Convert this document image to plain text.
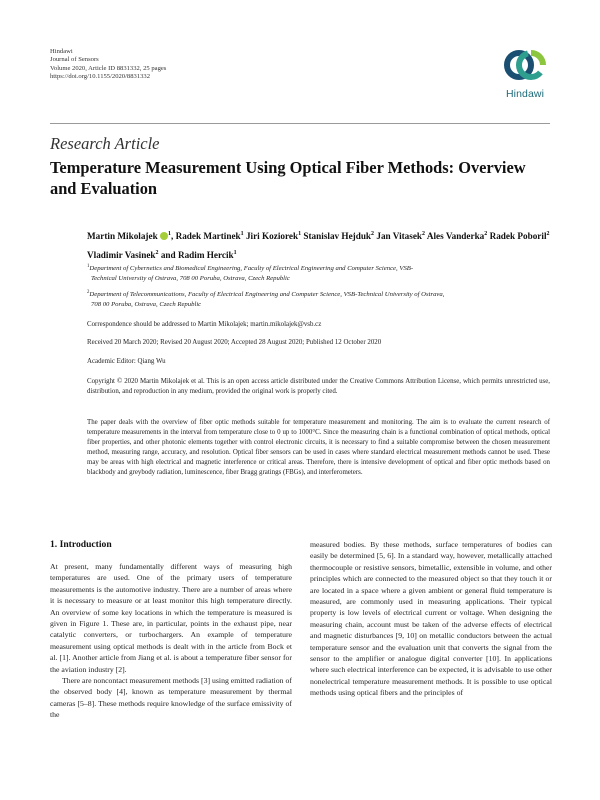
Hindawi
Journal of Sensors
Volume 2020, Article ID 8831332, 25 pages
https://doi.org/10.1155/2020/8831332
Hindawi
Research Article
Temperature Measurement Using Optical Fiber Methods: Overview and Evaluation
Martin Mikolajek $^1$, Radek Martinek$^1$ Jiri Koziorek$^1$ Stanislav Hejduk$^2$ Jan Vitasek$^2$ Ales Vanderka$^2$ Radek Poboril$^2$ Vladimir Vasinek$^2$ and Radim Hercik$^1$
$^1$Department of Cybernetics and Biomedical Engineering, Faculty of Electrical Engineering and Computer Science, VSB-
Technical University of Ostrava, 708 00 Poruba, Ostrava, Czech Republic
$^2$Department of Telecommunications, Faculty of Electrical Engineering and Computer Science, VSB-Technical University of Ostrava,
708 00 Poruba, Ostrava, Czech Republic
Correspondence should be addressed to Martin Mikolajek; martin.mikolajek@vsb.cz
Received 20 March 2020; Revised 20 August 2020; Accepted 28 August 2020; Published 12 October 2020
Academic Editor: Qiang Wu
Copyright © 2020 Martin Mikolajek et al. This is an open access article distributed under the Creative Commons Attribution License, which permits unrestricted use, distribution, and reproduction in any medium, provided the original work is properly cited.
The paper deals with the overview of fiber optic methods suitable for temperature measurement and monitoring. The aim is to evaluate the current research of temperature measurements in the interval from temperature close to 0 up to 1000°C. Since the measuring chain is a functional combination of optical methods, optical fiber properties, and other photonic elements together with control electronic circuits, it is necessary to find a suitable compromise between the chosen measurement method, measuring range, accuracy, and resolution. Optical fiber sensors can be used in cases where standard electrical measurement methods cannot be used. These may be areas with high electrical and magnetic interference or critical areas. Therefore, there is intensive development of optical and fiber optic methods based on blackbody and greybody radiation, luminescence, fiber Bragg gratings (FBGs), and interferometers.
1. Introduction

At present, many fundamentally different ways of measuring high temperatures are used. One of the primary users of temperature measurements is the automotive industry. There are a number of areas where it is necessary to measure or at least monitor this high temperature directly. An overview of some key locations in which the temperature is measured is given in Figure 1. These are, in particular, points in the exhaust pipe, near catalytic converters, or turbochargers. An example of temperature measurement using optical methods is dealt with in the article from Bock et al. [1]. Another article from Jiang et al. is about a temperature fiber sensor for the aviation industry [2].

There are noncontact measurement methods [3] using emitted radiation of the observed body [4], known as temperature measurement by thermal cameras [5–8]. These methods require knowledge of the surface emissivity of the

measured bodies. By these methods, surface temperatures of bodies can easily be determined [5, 6]. In a standard way, however, metallically attached thermocouple or resistive sensors, bimetallic, extensible in volume, and other principles which are connected to the measured object so that they touch it or are located in a space where a given ambient or general fluid temperature is measured, are commonly used in measuring applications. Their typical property is low levels of electrical current or voltage. When designing the measuring chain, account must be taken of the adverse effects of electrical and magnetic disturbances [9, 10] on metallic conductors between the actual temperature sensor and the evaluation unit that converts the signal from the sensor to the amplifier or analogue digital converter [10]. In applications where such electrical interference can be expected, it is advisable to use other nonelectrical temperature measurement methods. It is possible to use optical methods using optical fibers and the principles of
